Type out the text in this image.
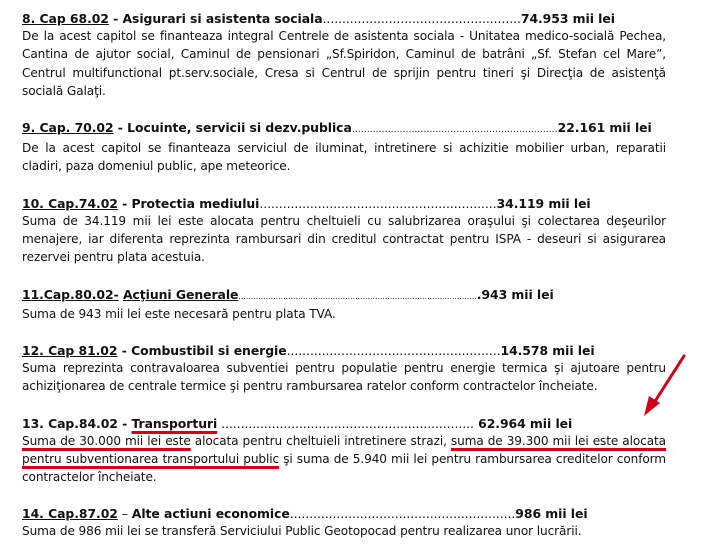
8. Cap 68.02 - Asigurari si asistenta sociala...................................................74.953 mii lei
De la acest capitol se finanteaza integral Centrele de asistenta sociala - Unitatea medico-socială Pechea, Cantina de ajutor social, Caminul de pensionari „Sf.Spiridon, Caminul de batrâni „Sf. Stefan cel Mare”, Centrul multifunctional pt.serv.sociale, Cresa si Centrul de sprijin pentru tineri şi Direcţia de asistenţă socială Galaţi.
9. Cap. 70.02 - Locuinte, servicii si dezv.publica……………………………………………………………22.161 mii lei
De la acest capitol se finanteaza serviciul de iluminat, intretinere si achizitie mobilier urban, reparatii cladiri, paza domeniul public, ape meteorice.
10. Cap.74.02 - Protectia mediului.............................................................34.119 mii lei
Suma de 34.119 mii lei este alocata pentru cheltuieli cu salubrizarea oraşului şi colectarea deşeurilor menajere, iar diferenta reprezinta rambursari din creditul contractat pentru ISPA - deseuri si asigurarea rezervei pentru plata acestuia.
11.Cap.80.02- Acţiuni Generale…………………………………………………………………………………….943 mii lei
Suma de 943 mii lei este necesară pentru plata TVA.
12. Cap 81.02 - Combustibil si energie.......................................................14.578 mii lei
Suma reprezinta contravaloarea subventiei pentru populatie pentru energie termica şi ajutoare pentru achiziţionarea de centrale termice şi pentru rambursarea ratelor conform contractelor încheiate.
13. Cap.84.02 - Transporturi ................................................................. 62.964 mii lei
Suma de 30.000 mii lei este alocata pentru cheltuieli intretinere strazi, suma de 39.300 mii lei este alocata pentru subventionarea transportului public şi suma de 5.940 mii lei pentru rambursarea creditelor conform contractelor încheiate.
14. Cap.87.02 – Alte actiuni economice..........................................................986 mii lei
Suma de 986 mii lei se transferă Serviciului Public Geotopocad pentru realizarea unor lucrării.
